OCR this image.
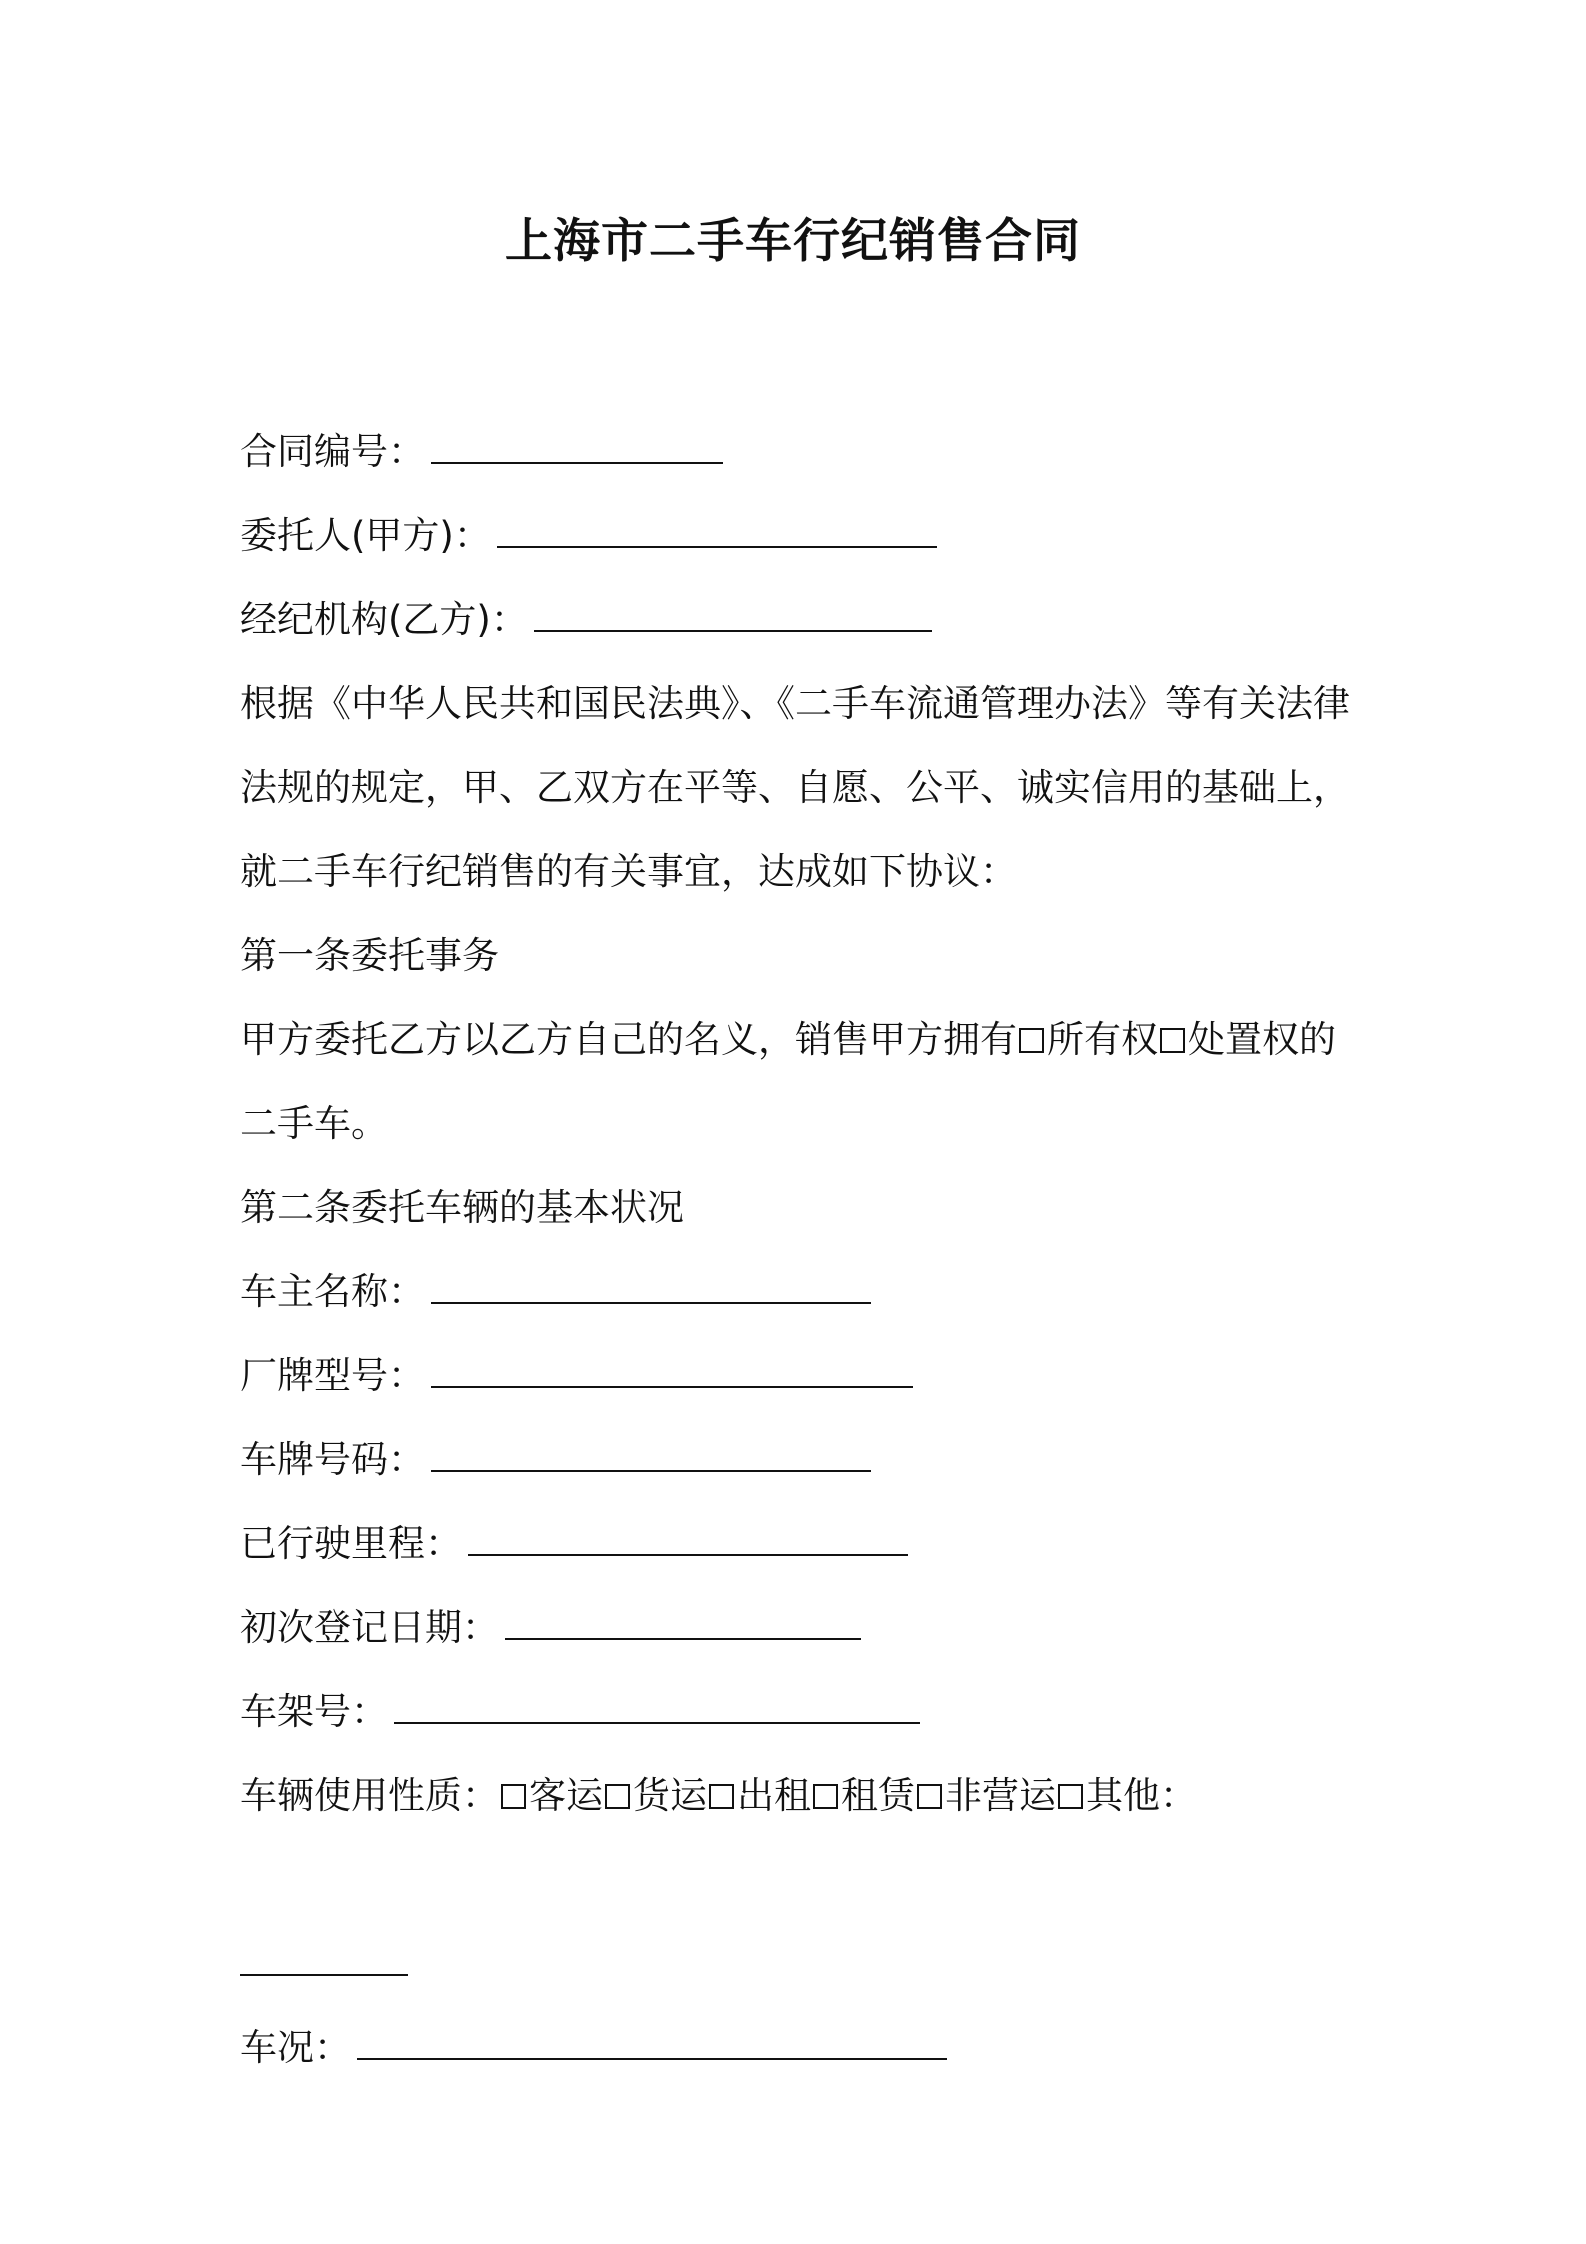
上海市二手车行纪销售合同
合同编号：
委托人(甲方)：
经纪机构(乙方)：
根据《中华人民共和国民法典》、《二手车流通管理办法》等有关法律
法规的规定，甲、乙双方在平等、自愿、公平、诚实信用的基础上，
就二手车行纪销售的有关事宜，达成如下协议：
第一条委托事务
甲方委托乙方以乙方自己的名义，销售甲方拥有 所有权 处置权的
二手车。
第二条委托车辆的基本状况
车主名称：
厂牌型号：
车牌号码：
已行驶里程：
初次登记日期：
车架号：
车辆使用性质： 客运 货运 出租 租赁 非营运 其他：
车况：
